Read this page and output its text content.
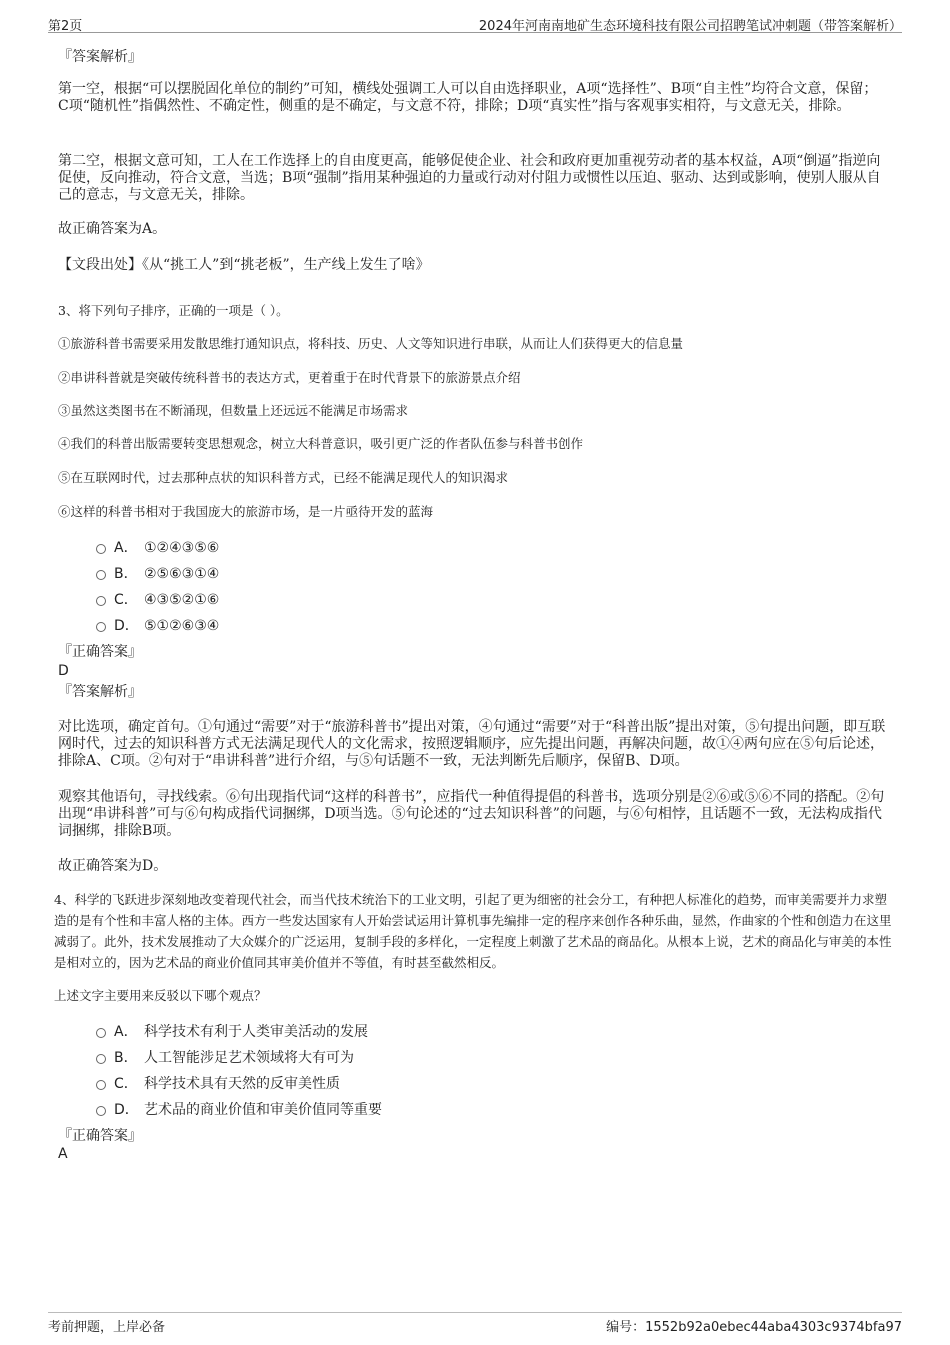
第2页	2024年河南南地矿生态环境科技有限公司招聘笔试冲刺题（带答案解析）
『答案解析』
第一空，根据“可以摆脱固化单位的制约”可知，横线处强调工人可以自由选择职业，A项“选择性”、B项“自主性”均符合文意，保留；C项“随机性”指偶然性、不确定性，侧重的是不确定，与文意不符，排除；D项“真实性”指与客观事实相符，与文意无关，排除。
第二空，根据文意可知，工人在工作选择上的自由度更高，能够促使企业、社会和政府更加重视劳动者的基本权益，A项“倒逼”指逆向促使，反向推动，符合文意，当选；B项“强制”指用某种强迫的力量或行动对付阻力或惯性以压迫、驱动、达到或影响，使别人服从自己的意志，与文意无关，排除。
故正确答案为A。
【文段出处】《从“挑工人”到“挑老板”，生产线上发生了啥》
3、将下列句子排序，正确的一项是（ ）。
①旅游科普书需要采用发散思维打通知识点，将科技、历史、人文等知识进行串联，从而让人们获得更大的信息量
②串讲科普就是突破传统科普书的表达方式，更着重于在时代背景下的旅游景点介绍
③虽然这类图书在不断涌现，但数量上还远远不能满足市场需求
④我们的科普出版需要转变思想观念，树立大科普意识，吸引更广泛的作者队伍参与科普书创作
⑤在互联网时代，过去那种点状的知识科普方式，已经不能满足现代人的知识渴求
⑥这样的科普书相对于我国庞大的旅游市场，是一片亟待开发的蓝海
A． ①②④③⑤⑥
B． ②⑤⑥③①④
C． ④③⑤②①⑥
D． ⑤①②⑥③④
『正确答案』
D
『答案解析』
对比选项，确定首句。①句通过“需要”对于“旅游科普书”提出对策，④句通过“需要”对于“科普出版”提出对策，⑤句提出问题，即互联网时代，过去的知识科普方式无法满足现代人的文化需求，按照逻辑顺序，应先提出问题，再解决问题，故①④两句应在⑤句后论述，排除A、C项。②句对于“串讲科普”进行介绍，与⑤句话题不一致，无法判断先后顺序，保留B、D项。
观察其他语句，寻找线索。⑥句出现指代词“这样的科普书”，应指代一种值得提倡的科普书，选项分别是②⑥或⑤⑥不同的搭配。②句出现“串讲科普”可与⑥句构成指代词捆绑，D项当选。⑤句论述的“过去知识科普”的问题，与⑥句相悖，且话题不一致，无法构成指代词捆绑，排除B项。
故正确答案为D。
4、科学的飞跃进步深刻地改变着现代社会，而当代技术统治下的工业文明，引起了更为细密的社会分工，有种把人标准化的趋势，而审美需要并力求塑造的是有个性和丰富人格的主体。西方一些发达国家有人开始尝试运用计算机事先编排一定的程序来创作各种乐曲，显然，作曲家的个性和创造力在这里减弱了。此外，技术发展推动了大众媒介的广泛运用，复制手段的多样化，一定程度上刺激了艺术品的商品化。从根本上说，艺术的商品化与审美的本性是相对立的，因为艺术品的商业价值同其审美价值并不等值，有时甚至截然相反。
上述文字主要用来反驳以下哪个观点？
A． 科学技术有利于人类审美活动的发展
B． 人工智能涉足艺术领域将大有可为
C． 科学技术具有天然的反审美性质
D． 艺术品的商业价值和审美价值同等重要
『正确答案』
A
考前押题，上岸必备	编号：1552b92a0ebec44aba4303c9374bfa97
